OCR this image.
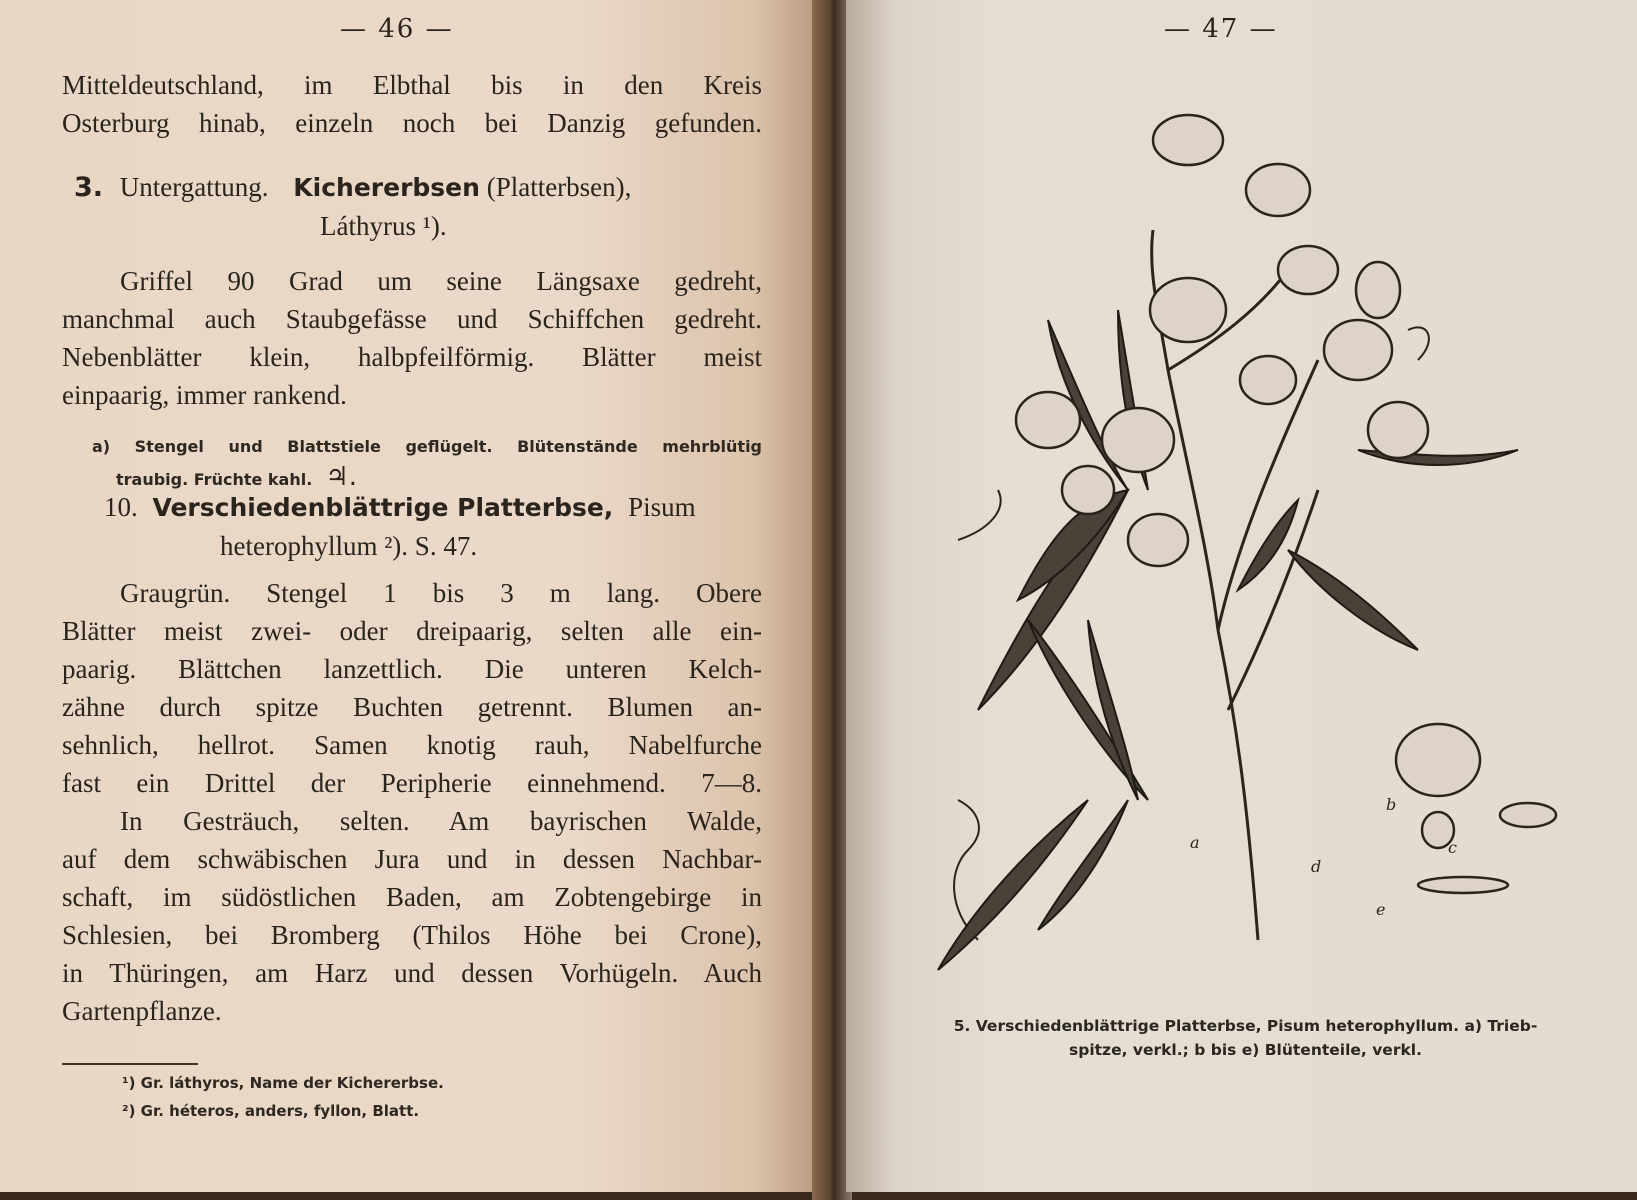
— 46 —
Mitteldeutschland, im Elbthal bis in den Kreis
Osterburg hinab, einzeln noch bei Danzig gefunden.
3. Untergattung. Kichererbsen (Platterbsen),
Láthyrus ¹).
Griffel 90 Grad um seine Längsaxe gedreht,
manchmal auch Staubgefässe und Schiffchen gedreht.
Nebenblätter klein, halbpfeilförmig. Blätter meist
einpaarig, immer rankend.
a) Stengel und Blattstiele geflügelt. Blütenstände mehrblütig
traubig. Früchte kahl. ♃.
10. Verschiedenblättrige Platterbse, Pisum
heterophyllum ²). S. 47.
Graugrün. Stengel 1 bis 3 m lang. Obere
Blätter meist zwei- oder dreipaarig, selten alle ein-
paarig. Blättchen lanzettlich. Die unteren Kelch-
zähne durch spitze Buchten getrennt. Blumen an-
sehnlich, hellrot. Samen knotig rauh, Nabelfurche
fast ein Drittel der Peripherie einnehmend. 7—8.
In Gesträuch, selten. Am bayrischen Walde,
auf dem schwäbischen Jura und in dessen Nachbar-
schaft, im südöstlichen Baden, am Zobtengebirge in
Schlesien, bei Bromberg (Thilos Höhe bei Crone),
in Thüringen, am Harz und dessen Vorhügeln. Auch
Gartenpflanze.
¹) Gr. láthyros, Name der Kichererbse.
²) Gr. héteros, anders, fyllon, Blatt.
— 47 —
a
b
c
d
e
5. Verschiedenblättrige Platterbse, Pisum heterophyllum. a) Trieb-
spitze, verkl.; b bis e) Blütenteile, verkl.
